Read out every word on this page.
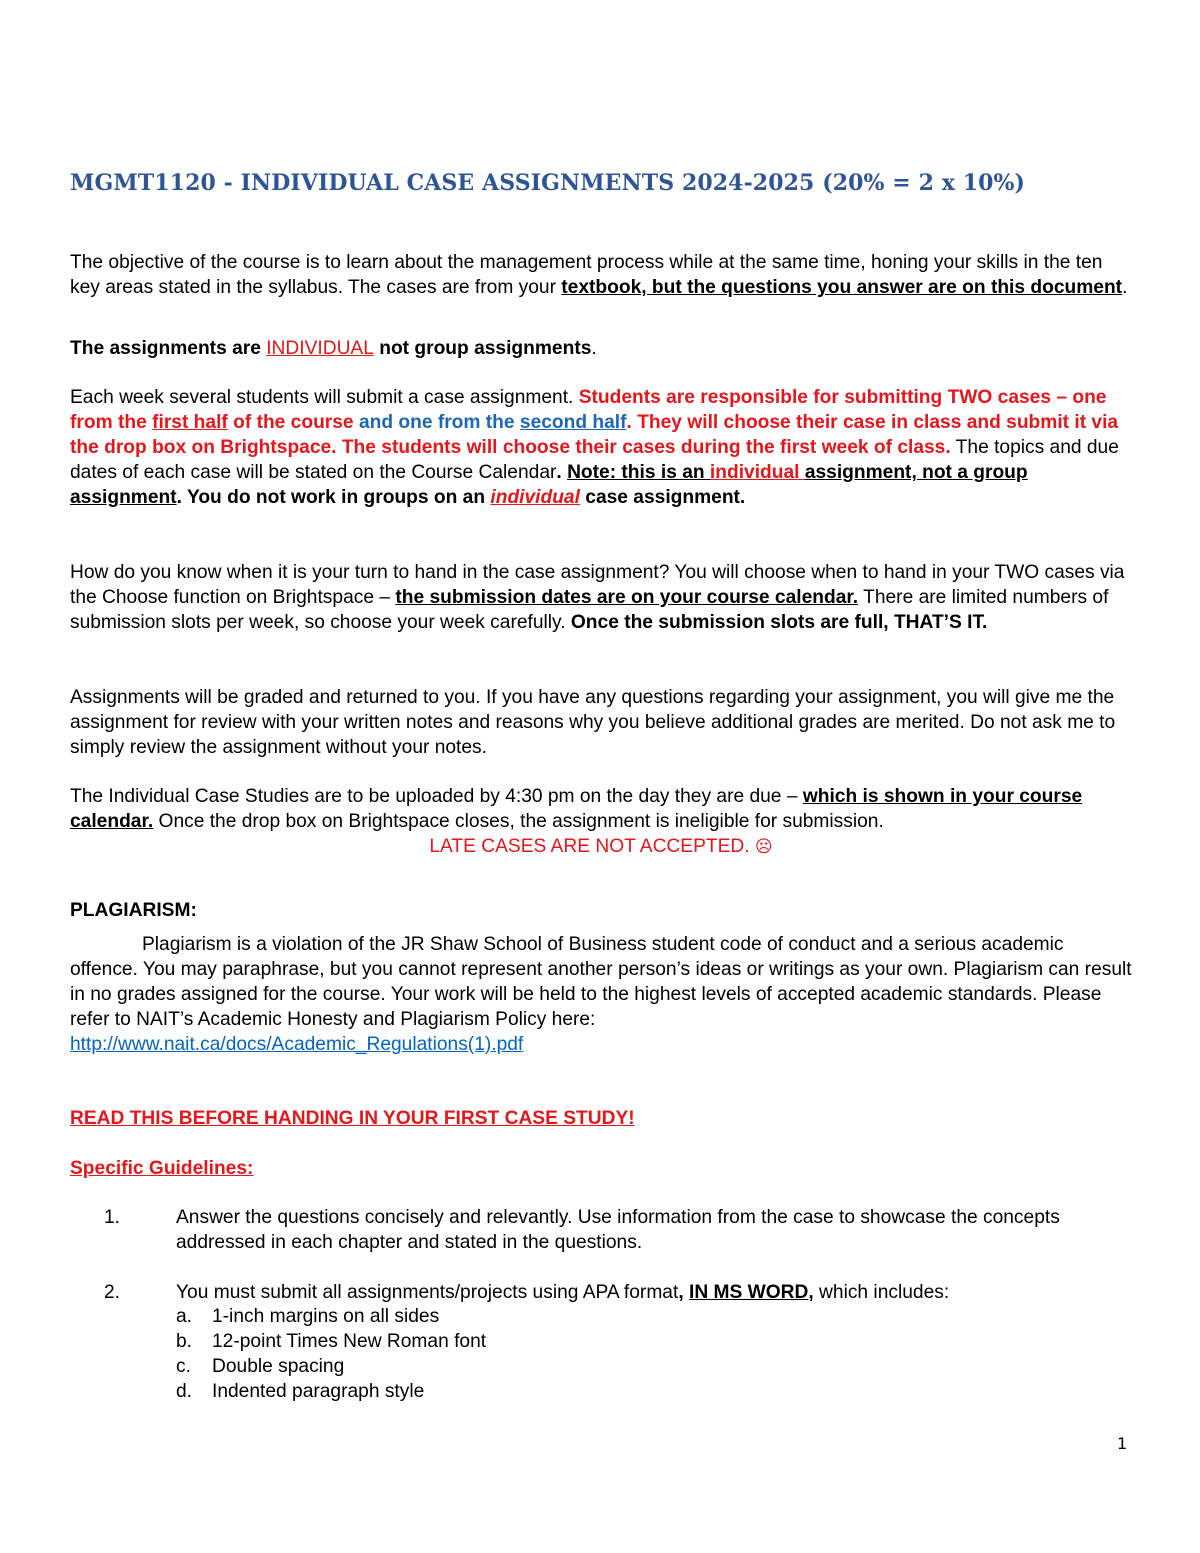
MGMT1120 - INDIVIDUAL CASE ASSIGNMENTS 2024-2025 (20% = 2 x 10%)
The objective of the course is to learn about the management process while at the same time, honing your skills in the ten key areas stated in the syllabus. The cases are from your textbook, but the questions you answer are on this document.
The assignments are INDIVIDUAL not group assignments.
Each week several students will submit a case assignment. Students are responsible for submitting TWO cases – one from the first half of the course and one from the second half. They will choose their case in class and submit it via the drop box on Brightspace. The students will choose their cases during the first week of class. The topics and due dates of each case will be stated on the Course Calendar. Note: this is an individual assignment, not a group assignment. You do not work in groups on an individual case assignment.
How do you know when it is your turn to hand in the case assignment? You will choose when to hand in your TWO cases via the Choose function on Brightspace – the submission dates are on your course calendar. There are limited numbers of submission slots per week, so choose your week carefully. Once the submission slots are full, THAT’S IT.
Assignments will be graded and returned to you. If you have any questions regarding your assignment, you will give me the assignment for review with your written notes and reasons why you believe additional grades are merited. Do not ask me to simply review the assignment without your notes.
The Individual Case Studies are to be uploaded by 4:30 pm on the day they are due – which is shown in your course calendar. Once the drop box on Brightspace closes, the assignment is ineligible for submission.
LATE CASES ARE NOT ACCEPTED. ☹
PLAGIARISM:
Plagiarism is a violation of the JR Shaw School of Business student code of conduct and a serious academic offence. You may paraphrase, but you cannot represent another person’s ideas or writings as your own. Plagiarism can result in no grades assigned for the course. Your work will be held to the highest levels of accepted academic standards. Please refer to NAIT’s Academic Honesty and Plagiarism Policy here:
http://www.nait.ca/docs/Academic_Regulations(1).pdf
READ THIS BEFORE HANDING IN YOUR FIRST CASE STUDY!
Specific Guidelines:
1.	Answer the questions concisely and relevantly. Use information from the case to showcase the concepts addressed in each chapter and stated in the questions.
2.	You must submit all assignments/projects using APA format, IN MS WORD, which includes:
a. 1-inch margins on all sides
b. 12-point Times New Roman font
c. Double spacing
d. Indented paragraph style
1
